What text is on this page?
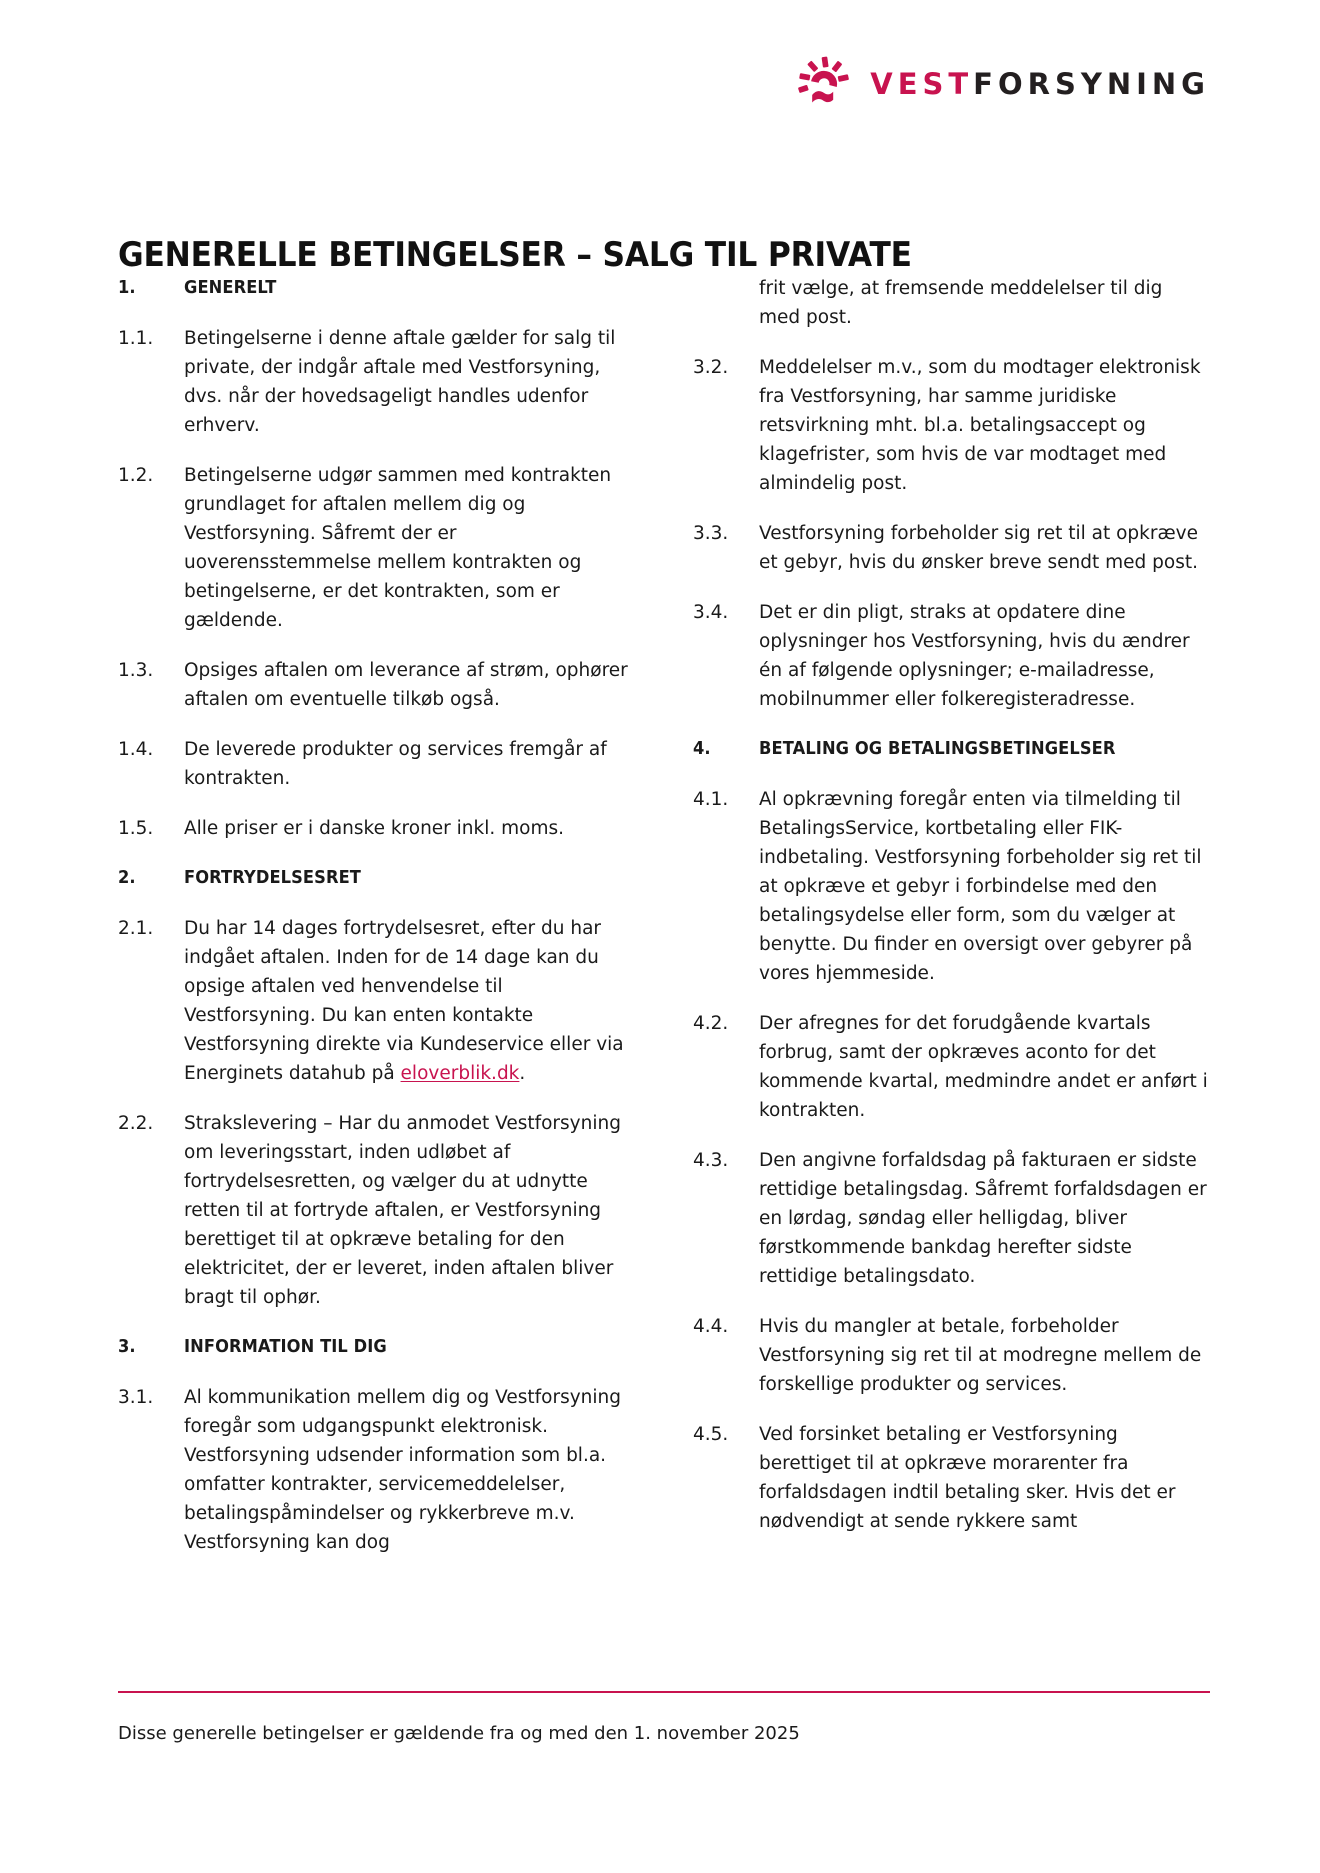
VESTFORSYNING
GENERELLE BETINGELSER – SALG TIL PRIVATE
1.	GENERELT
1.1.	Betingelserne i denne aftale gælder for salg til private, der indgår aftale med Vestforsyning, dvs. når der hovedsageligt handles udenfor erhverv.
1.2.	Betingelserne udgør sammen med kontrakten grundlaget for aftalen mellem dig og Vestforsyning. Såfremt der er uoverensstemmelse mellem kontrakten og betingelserne, er det kontrakten, som er gældende.
1.3.	Opsiges aftalen om leverance af strøm, ophører aftalen om eventuelle tilkøb også.
1.4.	De leverede produkter og services fremgår af kontrakten.
1.5.	Alle priser er i danske kroner inkl. moms.
2.	FORTRYDELSESRET
2.1.	Du har 14 dages fortrydelsesret, efter du har indgået aftalen. Inden for de 14 dage kan du opsige aftalen ved henvendelse til Vestforsyning. Du kan enten kontakte Vestforsyning direkte via Kundeservice eller via Energinets datahub på eloverblik.dk.
2.2.	Strakslevering – Har du anmodet Vestforsyning om leveringsstart, inden udløbet af fortrydelsesretten, og vælger du at udnytte retten til at fortryde aftalen, er Vestforsyning berettiget til at opkræve betaling for den elektricitet, der er leveret, inden aftalen bliver bragt til ophør.
3.	INFORMATION TIL DIG
3.1.	Al kommunikation mellem dig og Vestforsyning foregår som udgangspunkt elektronisk. Vestforsyning udsender information som bl.a. omfatter kontrakter, servicemeddelelser, betalingspåmindelser og rykkerbreve m.v. Vestforsyning kan dog
frit vælge, at fremsende meddelelser til dig med post.
3.2.	Meddelelser m.v., som du modtager elektronisk fra Vestforsyning, har samme juridiske retsvirkning mht. bl.a. betalingsaccept og klagefrister, som hvis de var modtaget med almindelig post.
3.3.	Vestforsyning forbeholder sig ret til at opkræve et gebyr, hvis du ønsker breve sendt med post.
3.4.	Det er din pligt, straks at opdatere dine oplysninger hos Vestforsyning, hvis du ændrer én af følgende oplysninger; e-mailadresse, mobilnummer eller folkeregisteradresse.
4.	BETALING OG BETALINGSBETINGELSER
4.1.	Al opkrævning foregår enten via tilmelding til BetalingsService, kortbetaling eller FIK-indbetaling. Vestforsyning forbeholder sig ret til at opkræve et gebyr i forbindelse med den betalingsydelse eller form, som du vælger at benytte. Du finder en oversigt over gebyrer på vores hjemmeside.
4.2.	Der afregnes for det forudgående kvartals forbrug, samt der opkræves aconto for det kommende kvartal, medmindre andet er anført i kontrakten.
4.3.	Den angivne forfaldsdag på fakturaen er sidste rettidige betalingsdag. Såfremt forfaldsdagen er en lørdag, søndag eller helligdag, bliver førstkommende bankdag herefter sidste rettidige betalingsdato.
4.4.	Hvis du mangler at betale, forbeholder Vestforsyning sig ret til at modregne mellem de forskellige produkter og services.
4.5.	Ved forsinket betaling er Vestforsyning berettiget til at opkræve morarenter fra forfaldsdagen indtil betaling sker. Hvis det er nødvendigt at sende rykkere samt
Disse generelle betingelser er gældende fra og med den 1. november 2025
